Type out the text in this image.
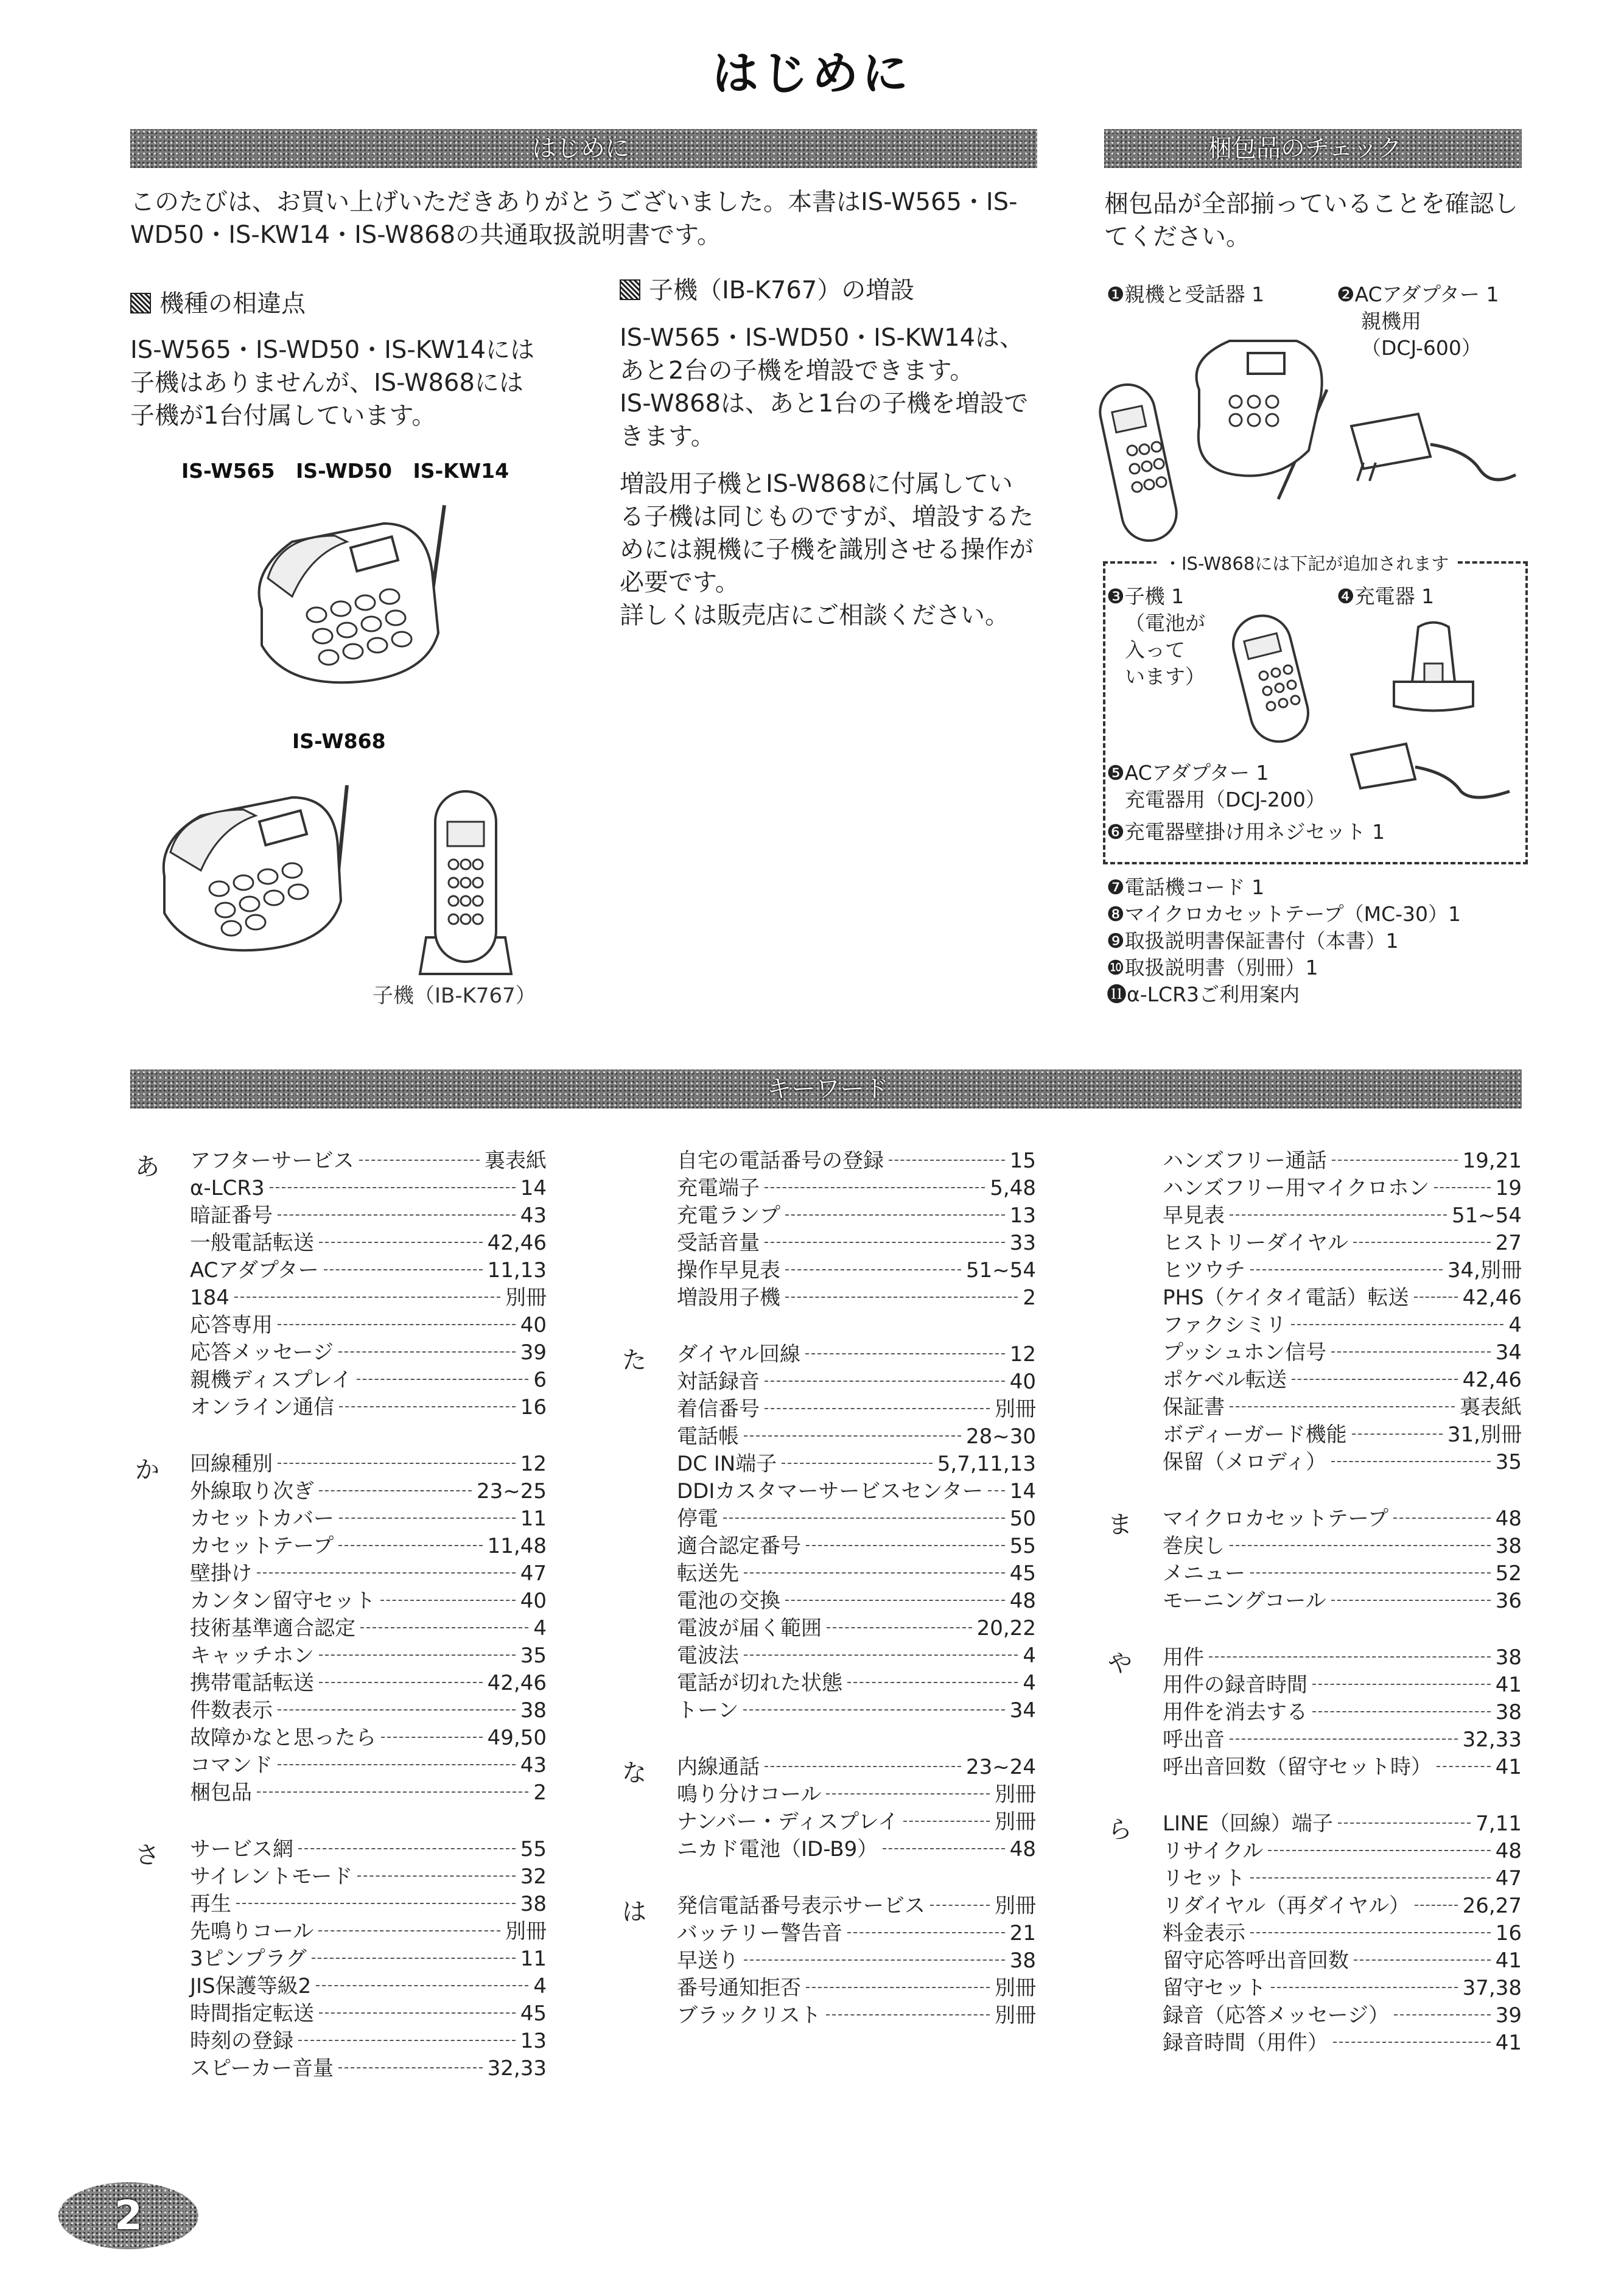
はじめに
はじめに	梱包品のチェック
キーワード
このたびは、お買い上げいただきありがとうございました。本書はIS-W565・IS-
WD50・IS-KW14・IS-W868の共通取扱説明書です。
機種の相違点
IS-W565・IS-WD50・IS-KW14には
子機はありませんが、IS-W868には
子機が1台付属しています。
IS-W565   IS-WD50   IS-KW14
IS-W868
子機（IB-K767）
子機（IB-K767）の増設
IS-W565・IS-WD50・IS-KW14は、
あと2台の子機を増設できます。
IS-W868は、あと1台の子機を増設で
きます。
増設用子機とIS-W868に付属してい
る子機は同じものですが、増設するた
めには親機に子機を識別させる操作が
必要です。
詳しくは販売店にご相談ください。
梱包品が全部揃っていることを確認し
てください。
❶親機と受話器 1	❷ACアダプター 1
親機用
（DCJ-600）
・IS-W868には下記が追加されます
❸子機 1
（電池が
入って
います）
❹充電器 1
❺ACアダプター 1
充電器用（DCJ-200）
❻充電器壁掛け用ネジセット 1
❼電話機コード 1
❽マイクロカセットテープ（MC-30）1
❾取扱説明書保証書付（本書）1
❿取扱説明書（別冊）1
⓫α-LCR3ご利用案内
あ	アフターサービス	裏表紙
α-LCR3	14
暗証番号	43
一般電話転送	42,46
ACアダプター	11,13
184	別冊
応答専用	40
応答メッセージ	39
親機ディスプレイ	6
オンライン通信	16
か	回線種別	12
外線取り次ぎ	23~25
カセットカバー	11
カセットテープ	11,48
壁掛け	47
カンタン留守セット	40
技術基準適合認定	4
キャッチホン	35
携帯電話転送	42,46
件数表示	38
故障かなと思ったら	49,50
コマンド	43
梱包品	2
さ	サービス網	55
サイレントモード	32
再生	38
先鳴りコール	別冊
3ピンプラグ	11
JIS保護等級2	4
時間指定転送	45
時刻の登録	13
スピーカー音量	32,33
自宅の電話番号の登録	15
充電端子	5,48
充電ランプ	13
受話音量	33
操作早見表	51~54
増設用子機	2
た	ダイヤル回線	12
対話録音	40
着信番号	別冊
電話帳	28~30
DC IN端子	5,7,11,13
DDIカスタマーサービスセンター 14
停電	50
適合認定番号	55
転送先	45
電池の交換	48
電波が届く範囲	20,22
電波法	4
電話が切れた状態	4
トーン	34
な	内線通話	23~24
鳴り分けコール	別冊
ナンバー・ディスプレイ	別冊
ニカド電池（ID-B9）	48
は	発信電話番号表示サービス	別冊
バッテリー警告音	21
早送り	38
番号通知拒否	別冊
ブラックリスト	別冊
ハンズフリー通話	19,21
ハンズフリー用マイクロホン	19
早見表	51~54
ヒストリーダイヤル	27
ヒツウチ	34,別冊
PHS（ケイタイ電話）転送	42,46
ファクシミリ	4
プッシュホン信号	34
ポケベル転送	42,46
保証書	裏表紙
ボディーガード機能	31,別冊
保留（メロディ）	35
ま	マイクロカセットテープ	48
巻戻し	38
メニュー	52
モーニングコール	36
や	用件	38
用件の録音時間	41
用件を消去する	38
呼出音	32,33
呼出音回数（留守セット時）	41
ら	LINE（回線）端子	7,11
リサイクル	48
リセット	47
リダイヤル（再ダイヤル）	26,27
料金表示	16
留守応答呼出音回数	41
留守セット	37,38
録音（応答メッセージ）	39
録音時間（用件）	41
2
